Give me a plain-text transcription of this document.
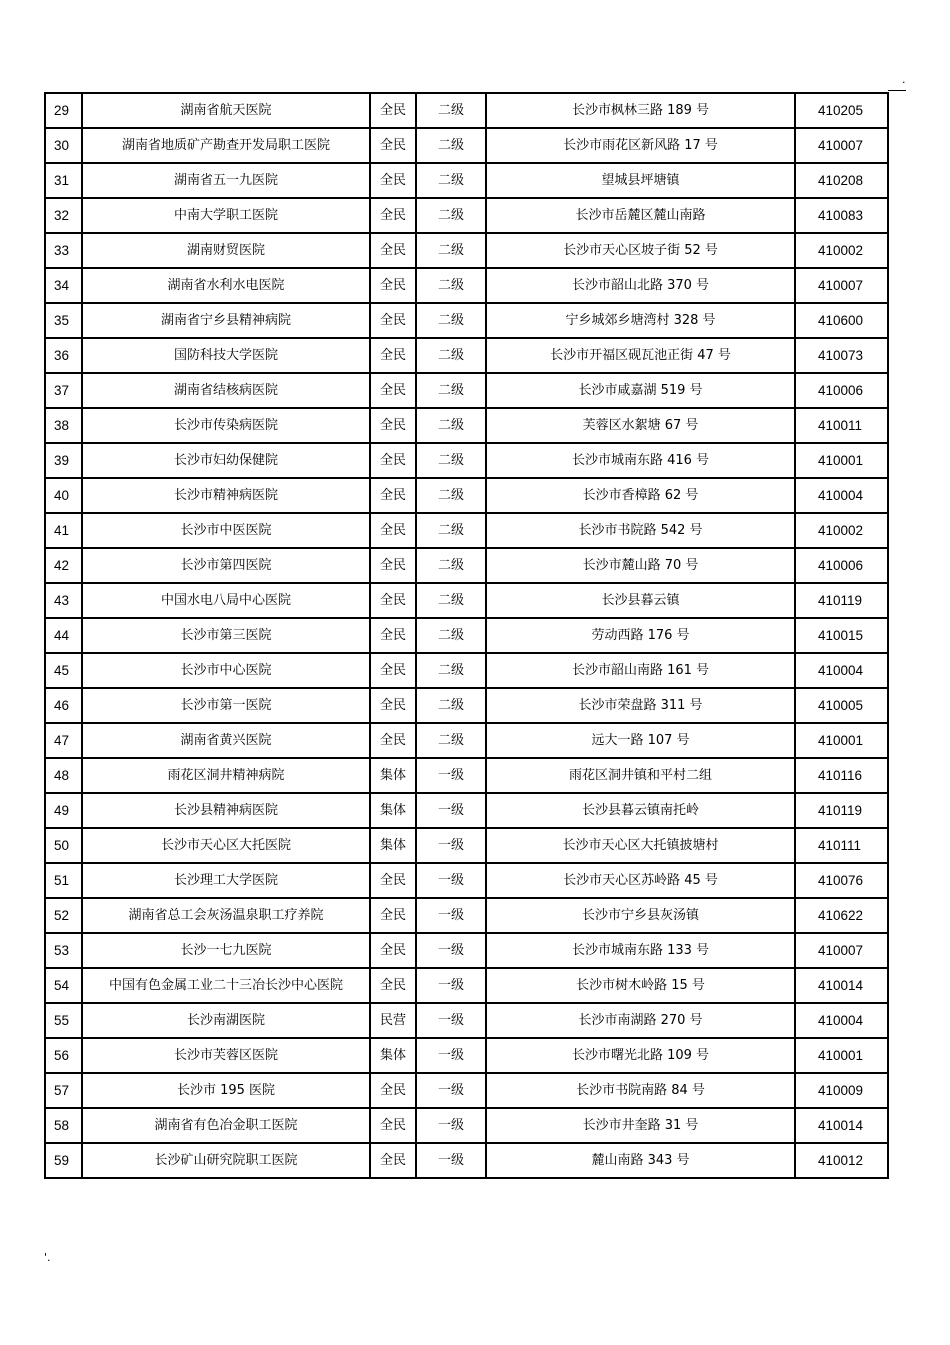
.
29	湖南省航天医院	全民	二级	长沙市枫林三路 189 号	410205
30	湖南省地质矿产勘查开发局职工医院	全民	二级	长沙市雨花区新风路 17 号	410007
31	湖南省五一九医院	全民	二级	望城县坪塘镇	410208
32	中南大学职工医院	全民	二级	长沙市岳麓区麓山南路	410083
33	湖南财贸医院	全民	二级	长沙市天心区坡子街 52 号	410002
34	湖南省水利水电医院	全民	二级	长沙市韶山北路 370 号	410007
35	湖南省宁乡县精神病院	全民	二级	宁乡城郊乡塘湾村 328 号	410600
36	国防科技大学医院	全民	二级	长沙市开福区砚瓦池正街 47 号	410073
37	湖南省结核病医院	全民	二级	长沙市咸嘉湖 519 号	410006
38	长沙市传染病医院	全民	二级	芙蓉区水絮塘 67 号	410011
39	长沙市妇幼保健院	全民	二级	长沙市城南东路 416 号	410001
40	长沙市精神病医院	全民	二级	长沙市香樟路 62 号	410004
41	长沙市中医医院	全民	二级	长沙市书院路 542 号	410002
42	长沙市第四医院	全民	二级	长沙市麓山路 70 号	410006
43	中国水电八局中心医院	全民	二级	长沙县暮云镇	410119
44	长沙市第三医院	全民	二级	劳动西路 176 号	410015
45	长沙市中心医院	全民	二级	长沙市韶山南路 161 号	410004
46	长沙市第一医院	全民	二级	长沙市荣盘路 311 号	410005
47	湖南省黄兴医院	全民	二级	远大一路 107 号	410001
48	雨花区洞井精神病院	集体	一级	雨花区洞井镇和平村二组	410116
49	长沙县精神病医院	集体	一级	长沙县暮云镇南托岭	410119
50	长沙市天心区大托医院	集体	一级	长沙市天心区大托镇披塘村	410111
51	长沙理工大学医院	全民	一级	长沙市天心区苏岭路 45 号	410076
52	湖南省总工会灰汤温泉职工疗养院	全民	一级	长沙市宁乡县灰汤镇	410622
53	长沙一七九医院	全民	一级	长沙市城南东路 133 号	410007
54	中国有色金属工业二十三冶长沙中心医院	全民	一级	长沙市树木岭路 15 号	410014
55	长沙南湖医院	民营	一级	长沙市南湖路 270 号	410004
56	长沙市芙蓉区医院	集体	一级	长沙市曙光北路 109 号	410001
57	长沙市 195 医院	全民	一级	长沙市书院南路 84 号	410009
58	湖南省有色冶金职工医院	全民	一级	长沙市井奎路 31 号	410014
59	长沙矿山研究院职工医院	全民	一级	麓山南路 343 号	410012
'.
